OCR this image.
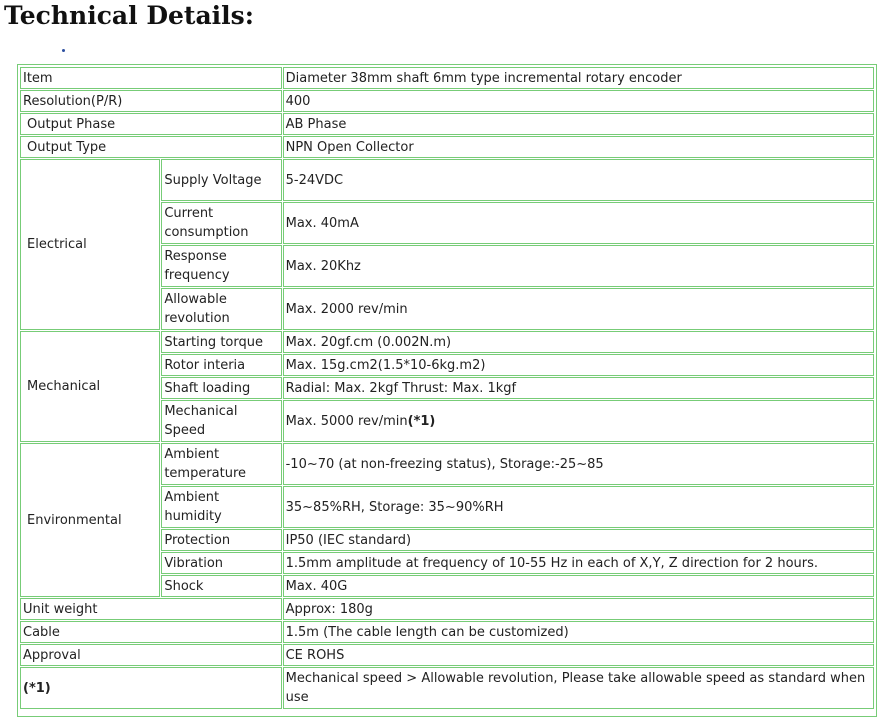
Technical Details:
Item		Diameter 38mm shaft 6mm type incremental rotary encoder
Resolution(P/R)		400
Output Phase		AB Phase
Output Type		NPN Open Collector
Electrical	Supply Voltage	5-24VDC
	Current consumption	Max. 40mA
	Response frequency	Max. 20Khz
	Allowable revolution	Max. 2000 rev/min
Mechanical	Starting torque	Max. 20gf.cm (0.002N.m)
	Rotor interia	Max. 15g.cm2(1.5*10-6kg.m2)
	Shaft loading	Radial: Max. 2kgf Thrust: Max. 1kgf
	Mechanical Speed	Max. 5000 rev/min(*1)
Environmental	Ambient temperature	-10~70 (at non-freezing status), Storage:-25~85
	Ambient humidity	35~85%RH, Storage: 35~90%RH
	Protection	IP50 (IEC standard)
	Vibration	1.5mm amplitude at frequency of 10-55 Hz in each of X,Y, Z direction for 2 hours.
	Shock	Max. 40G
Unit weight		Approx: 180g
Cable		1.5m (The cable length can be customized)
Approval		CE ROHS
(*1)		Mechanical speed > Allowable revolution, Please take allowable speed as standard when use
